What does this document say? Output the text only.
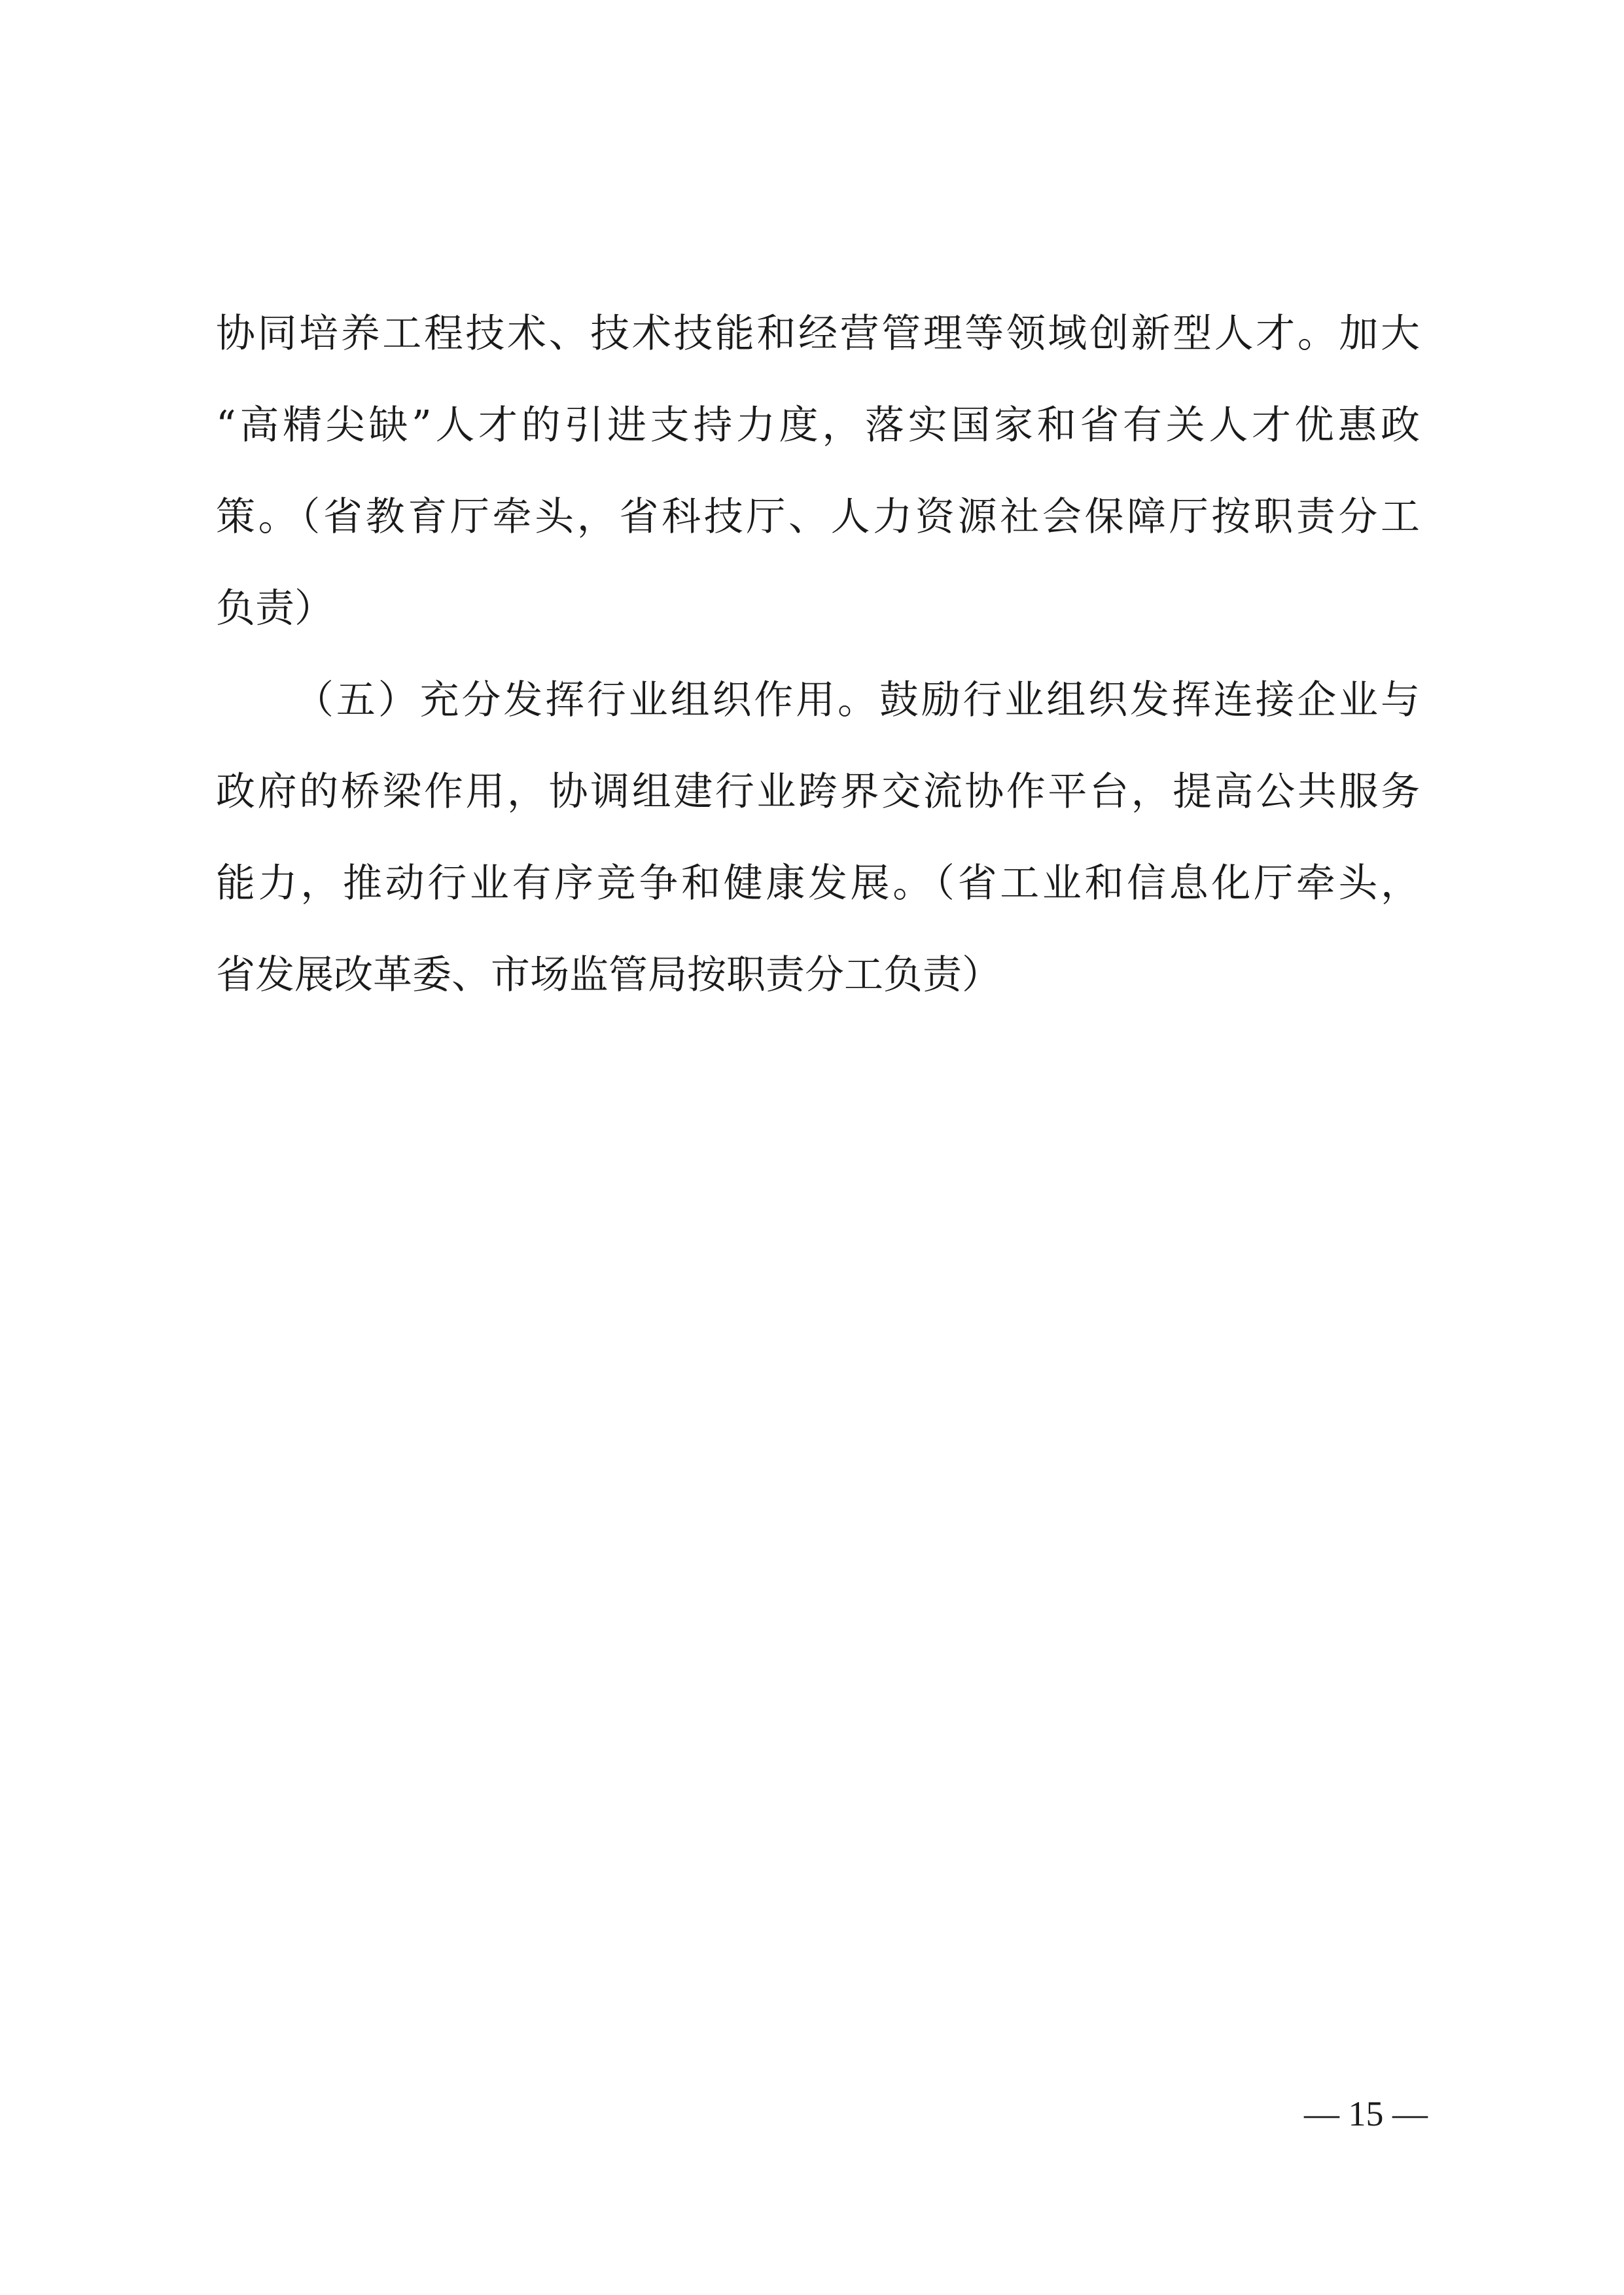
协同培养工程技术、技术技能和经营管理等领域创新型人才。加大
“高精尖缺”人才的引进支持力度，落实国家和省有关人才优惠政
策。（省教育厅牵头，省科技厅、人力资源社会保障厅按职责分工
负责）
（五）充分发挥行业组织作用。鼓励行业组织发挥连接企业与
政府的桥梁作用，协调组建行业跨界交流协作平台，提高公共服务
能力，推动行业有序竞争和健康发展。（省工业和信息化厅牵头，
省发展改革委、市场监管局按职责分工负责）
— 15 —
